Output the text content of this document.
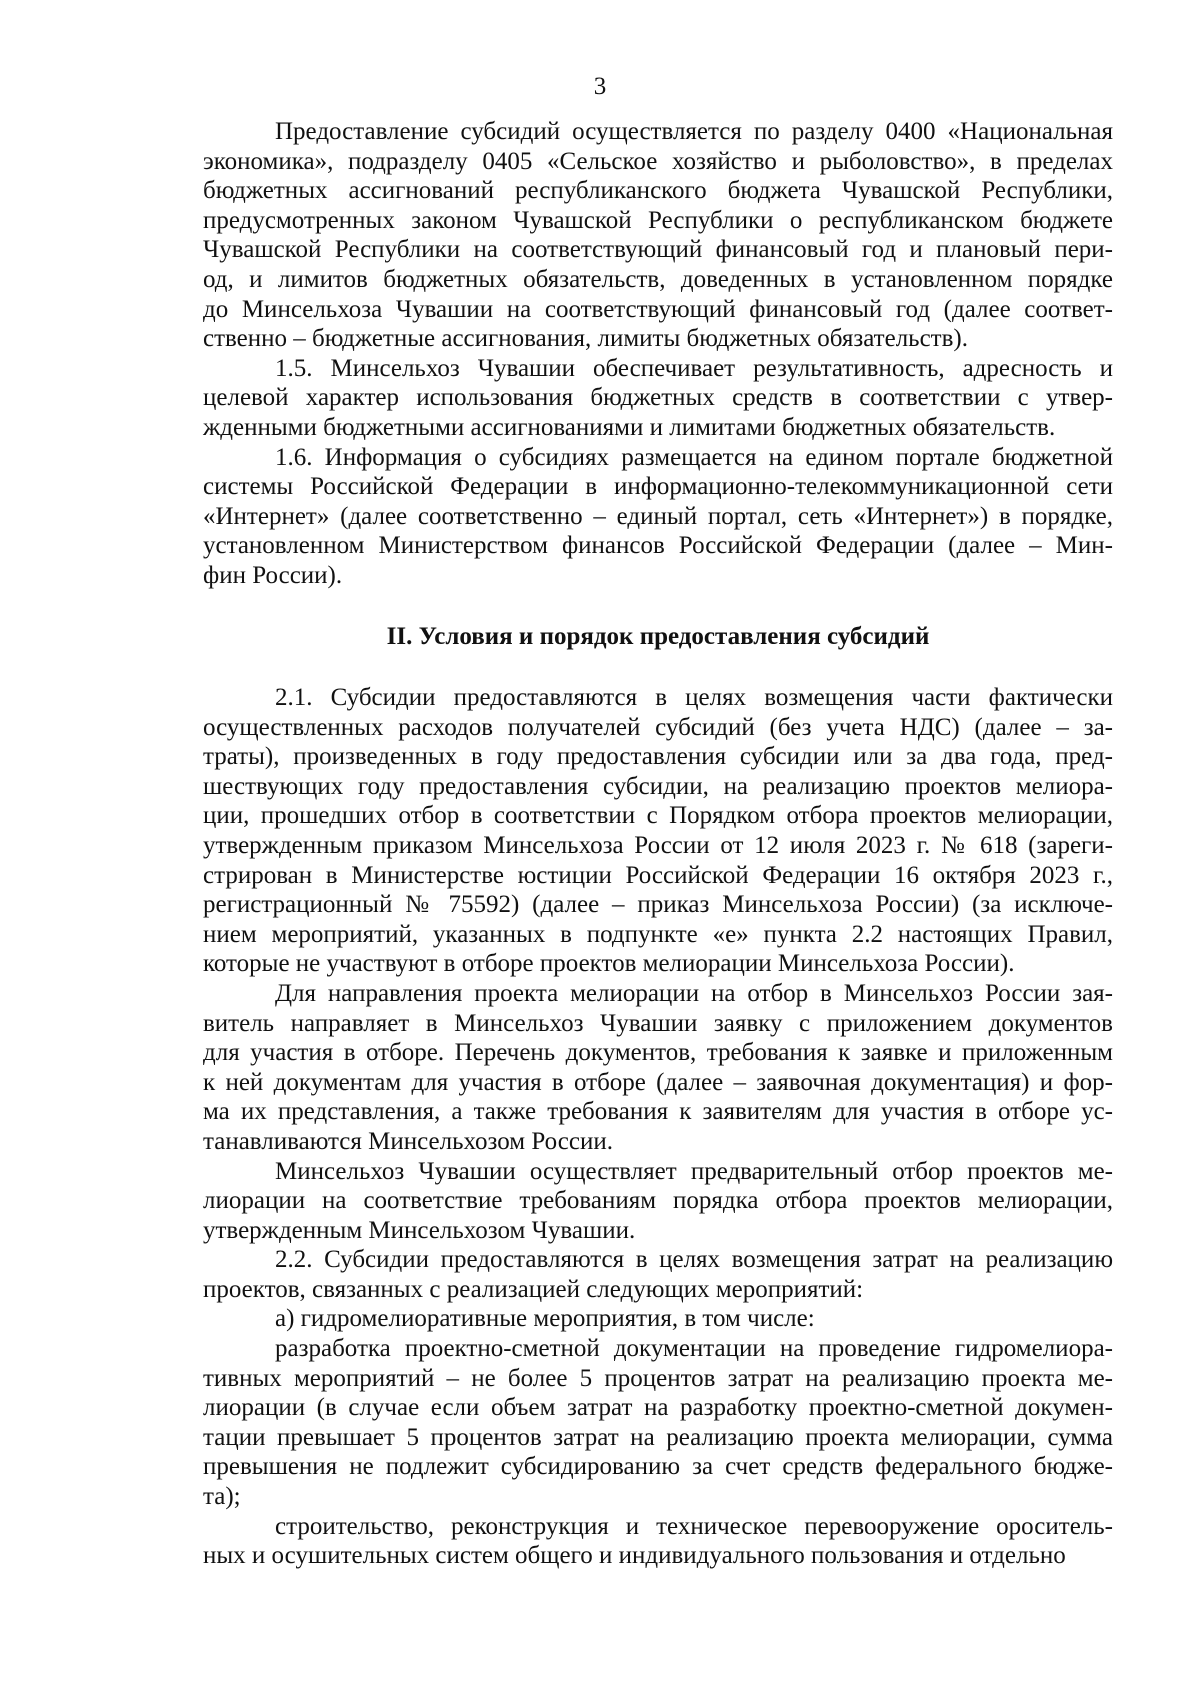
3
Предоставление субсидий осуществляется по разделу 0400 «Национальная
экономика», подразделу 0405 «Сельское хозяйство и рыболовство», в пределах
бюджетных ассигнований республиканского бюджета Чувашской Республики,
предусмотренных законом Чувашской Республики о республиканском бюджете
Чувашской Республики на соответствующий финансовый год и плановый пери-
од, и лимитов бюджетных обязательств, доведенных в установленном порядке
до Минсельхоза Чувашии на соответствующий финансовый год (далее соответ-
ственно – бюджетные ассигнования, лимиты бюджетных обязательств).
1.5. Минсельхоз Чувашии обеспечивает результативность, адресность и
целевой характер использования бюджетных средств в соответствии с утвер-
жденными бюджетными ассигнованиями и лимитами бюджетных обязательств.
1.6. Информация о субсидиях размещается на едином портале бюджетной
системы Российской Федерации в информационно-телекоммуникационной сети
«Интернет» (далее соответственно – единый портал, сеть «Интернет») в порядке,
установленном Министерством финансов Российской Федерации (далее – Мин-
фин России).
II. Условия и порядок предоставления субсидий
2.1. Субсидии предоставляются в целях возмещения части фактически
осуществленных расходов получателей субсидий (без учета НДС) (далее – за-
траты), произведенных в году предоставления субсидии или за два года, пред-
шествующих году предоставления субсидии, на реализацию проектов мелиора-
ции, прошедших отбор в соответствии с Порядком отбора проектов мелиорации,
утвержденным приказом Минсельхоза России от 12 июля 2023 г. № 618 (зареги-
стрирован в Министерстве юстиции Российской Федерации 16 октября 2023 г.,
регистрационный № 75592) (далее – приказ Минсельхоза России) (за исключе-
нием мероприятий, указанных в подпункте «е» пункта 2.2 настоящих Правил,
которые не участвуют в отборе проектов мелиорации Минсельхоза России).
Для направления проекта мелиорации на отбор в Минсельхоз России зая-
витель направляет в Минсельхоз Чувашии заявку с приложением документов
для участия в отборе. Перечень документов, требования к заявке и приложенным
к ней документам для участия в отборе (далее – заявочная документация) и фор-
ма их представления, а также требования к заявителям для участия в отборе ус-
танавливаются Минсельхозом России.
Минсельхоз Чувашии осуществляет предварительный отбор проектов ме-
лиорации на соответствие требованиям порядка отбора проектов мелиорации,
утвержденным Минсельхозом Чувашии.
2.2. Субсидии предоставляются в целях возмещения затрат на реализацию
проектов, связанных с реализацией следующих мероприятий:
а) гидромелиоративные мероприятия, в том числе:
разработка проектно-сметной документации на проведение гидромелиора-
тивных мероприятий – не более 5 процентов затрат на реализацию проекта ме-
лиорации (в случае если объем затрат на разработку проектно-сметной докумен-
тации превышает 5 процентов затрат на реализацию проекта мелиорации, сумма
превышения не подлежит субсидированию за счет средств федерального бюдже-
та);
строительство, реконструкция и техническое перевооружение ороситель-
ных и осушительных систем общего и индивидуального пользования и отдельно
